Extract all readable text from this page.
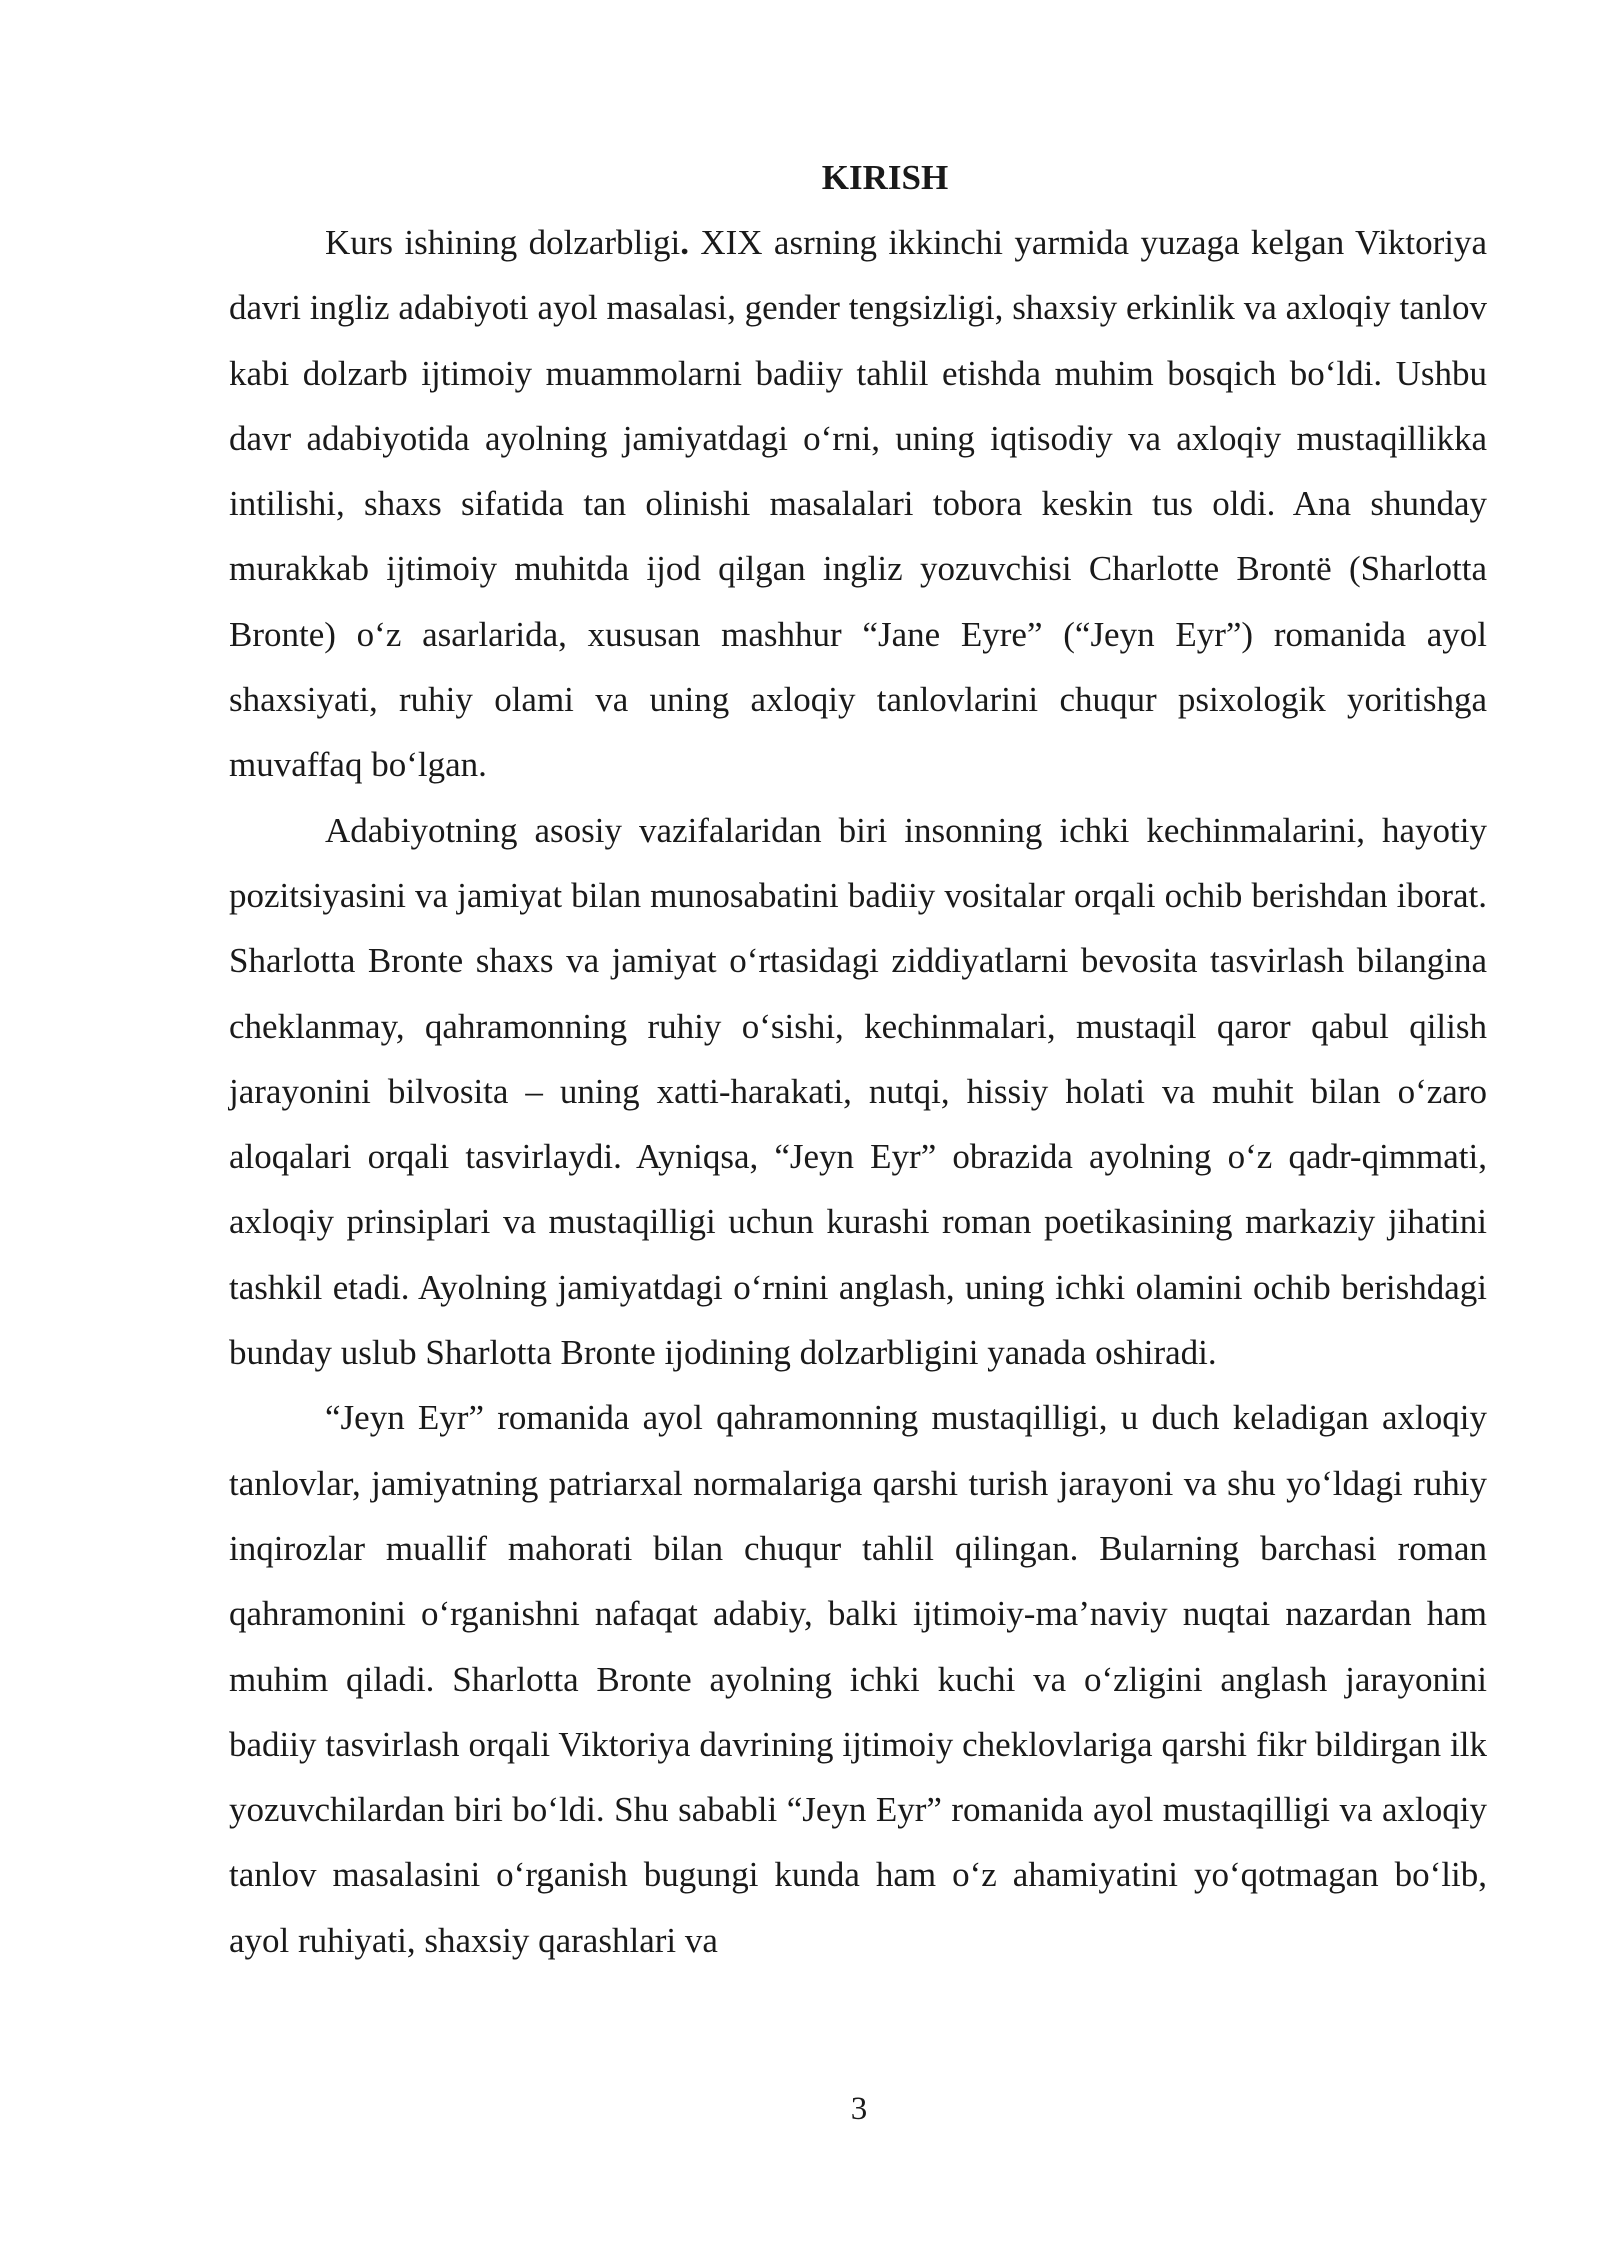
KIRISH

Kurs ishining dolzarbligi. XIX asrning ikkinchi yarmida yuzaga kelgan Viktoriya davri ingliz adabiyoti ayol masalasi, gender tengsizligi, shaxsiy erkinlik va axloqiy tanlov kabi dolzarb ijtimoiy muammolarni badiiy tahlil etishda muhim bosqich bo‘ldi. Ushbu davr adabiyotida ayolning jamiyatdagi o‘rni, uning iqtisodiy va axloqiy mustaqillikka intilishi, shaxs sifatida tan olinishi masalalari tobora keskin tus oldi. Ana shunday murakkab ijtimoiy muhitda ijod qilgan ingliz yozuvchisi Charlotte Brontë (Sharlotta Bronte) o‘z asarlarida, xususan mashhur “Jane Eyre” (“Jeyn Eyr”) romanida ayol shaxsiyati, ruhiy olami va uning axloqiy tanlovlarini chuqur psixologik yoritishga muvaffaq bo‘lgan.

Adabiyotning asosiy vazifalaridan biri insonning ichki kechinmalarini, hayotiy pozitsiyasini va jamiyat bilan munosabatini badiiy vositalar orqali ochib berishdan iborat. Sharlotta Bronte shaxs va jamiyat o‘rtasidagi ziddiyatlarni bevosita tasvirlash bilangina cheklanmay, qahramonning ruhiy o‘sishi, kechinmalari, mustaqil qaror qabul qilish jarayonini bilvosita – uning xatti-harakati, nutqi, hissiy holati va muhit bilan o‘zaro aloqalari orqali tasvirlaydi. Ayniqsa, “Jeyn Eyr” obrazida ayolning o‘z qadr-qimmati, axloqiy prinsiplari va mustaqilligi uchun kurashi roman poetikasining markaziy jihatini tashkil etadi. Ayolning jamiyatdagi o‘rnini anglash, uning ichki olamini ochib berishdagi bunday uslub Sharlotta Bronte ijodining dolzarbligini yanada oshiradi.

“Jeyn Eyr” romanida ayol qahramonning mustaqilligi, u duch keladigan axloqiy tanlovlar, jamiyatning patriarxal normalariga qarshi turish jarayoni va shu yo‘ldagi ruhiy inqirozlar muallif mahorati bilan chuqur tahlil qilingan. Bularning barchasi roman qahramonini o‘rganishni nafaqat adabiy, balki ijtimoiy-ma’naviy nuqtai nazardan ham muhim qiladi. Sharlotta Bronte ayolning ichki kuchi va o‘zligini anglash jarayonini badiiy tasvirlash orqali Viktoriya davrining ijtimoiy cheklovlariga qarshi fikr bildirgan ilk yozuvchilardan biri bo‘ldi. Shu sababli “Jeyn Eyr” romanida ayol mustaqilligi va axloqiy tanlov masalasini o‘rganish bugungi kunda ham o‘z ahamiyatini yo‘qotmagan bo‘lib, ayol ruhiyati, shaxsiy qarashlari va

3
